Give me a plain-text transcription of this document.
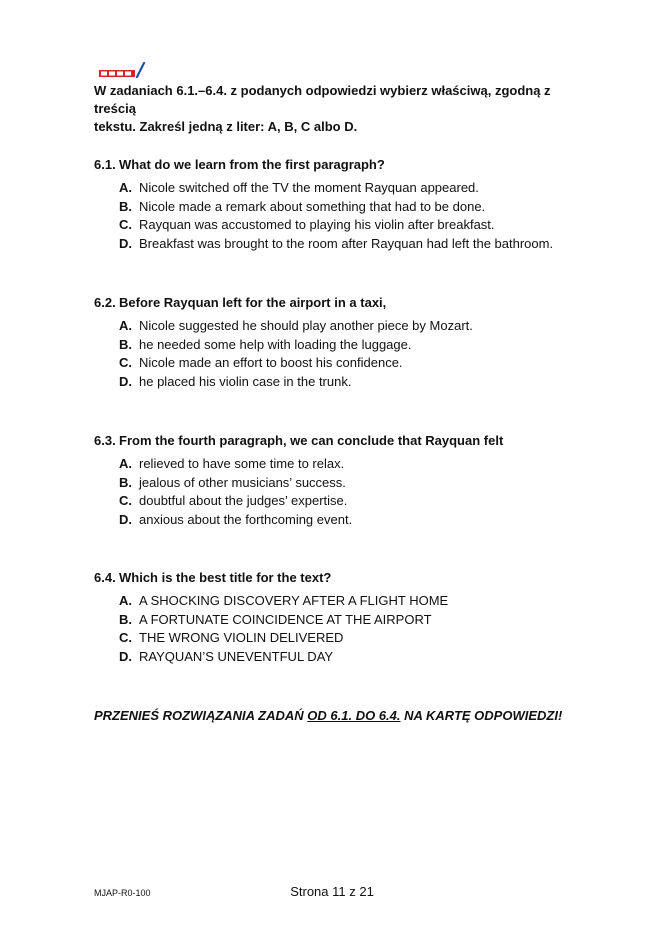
W zadaniach 6.1.–6.4. z podanych odpowiedzi wybierz właściwą, zgodną z treścią
tekstu. Zakreśl jedną z liter: A, B, C albo D.

6.1. What do we learn from the first paragraph?

A. Nicole switched off the TV the moment Rayquan appeared.
B. Nicole made a remark about something that had to be done.
C. Rayquan was accustomed to playing his violin after breakfast.
D. Breakfast was brought to the room after Rayquan had left the bathroom.

6.2. Before Rayquan left for the airport in a taxi,

A. Nicole suggested he should play another piece by Mozart.
B. he needed some help with loading the luggage.
C. Nicole made an effort to boost his confidence.
D. he placed his violin case in the trunk.

6.3. From the fourth paragraph, we can conclude that Rayquan felt

A. relieved to have some time to relax.
B. jealous of other musicians’ success.
C. doubtful about the judges’ expertise.
D. anxious about the forthcoming event.

6.4. Which is the best title for the text?

A. A SHOCKING DISCOVERY AFTER A FLIGHT HOME
B. A FORTUNATE COINCIDENCE AT THE AIRPORT
C. THE WRONG VIOLIN DELIVERED
D. RAYQUAN’S UNEVENTFUL DAY
PRZENIEŚ ROZWIĄZANIA ZADAŃ OD 6.1. DO 6.4. NA KARTĘ ODPOWIEDZI!
MJAP-R0-100	Strona 11 z 21
